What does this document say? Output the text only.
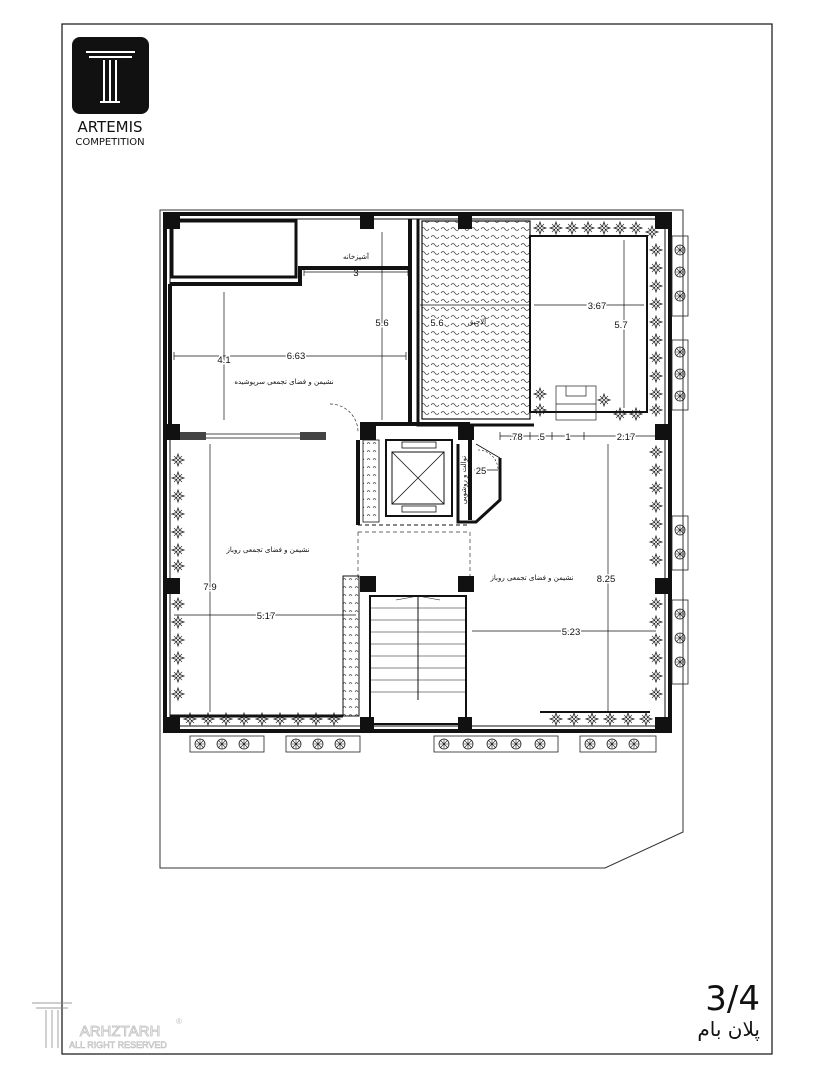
ARTEMIS
COMPETITION
3
5.6	5.6
6.63
4.1
3.67
5.7
.78 .5 1	2.17
25
7.9
5.17
8.25
5.23
آشپزخانه
نشیمن و فضای تجمعی سرپوشیده
آلاچیق
نشیمن و فضای تجمعی روباز
نشیمن و فضای تجمعی روباز
توالت و روشویی
3/4
پلان بام
ARHZTARH
®
ALL RIGHT RESERVED
